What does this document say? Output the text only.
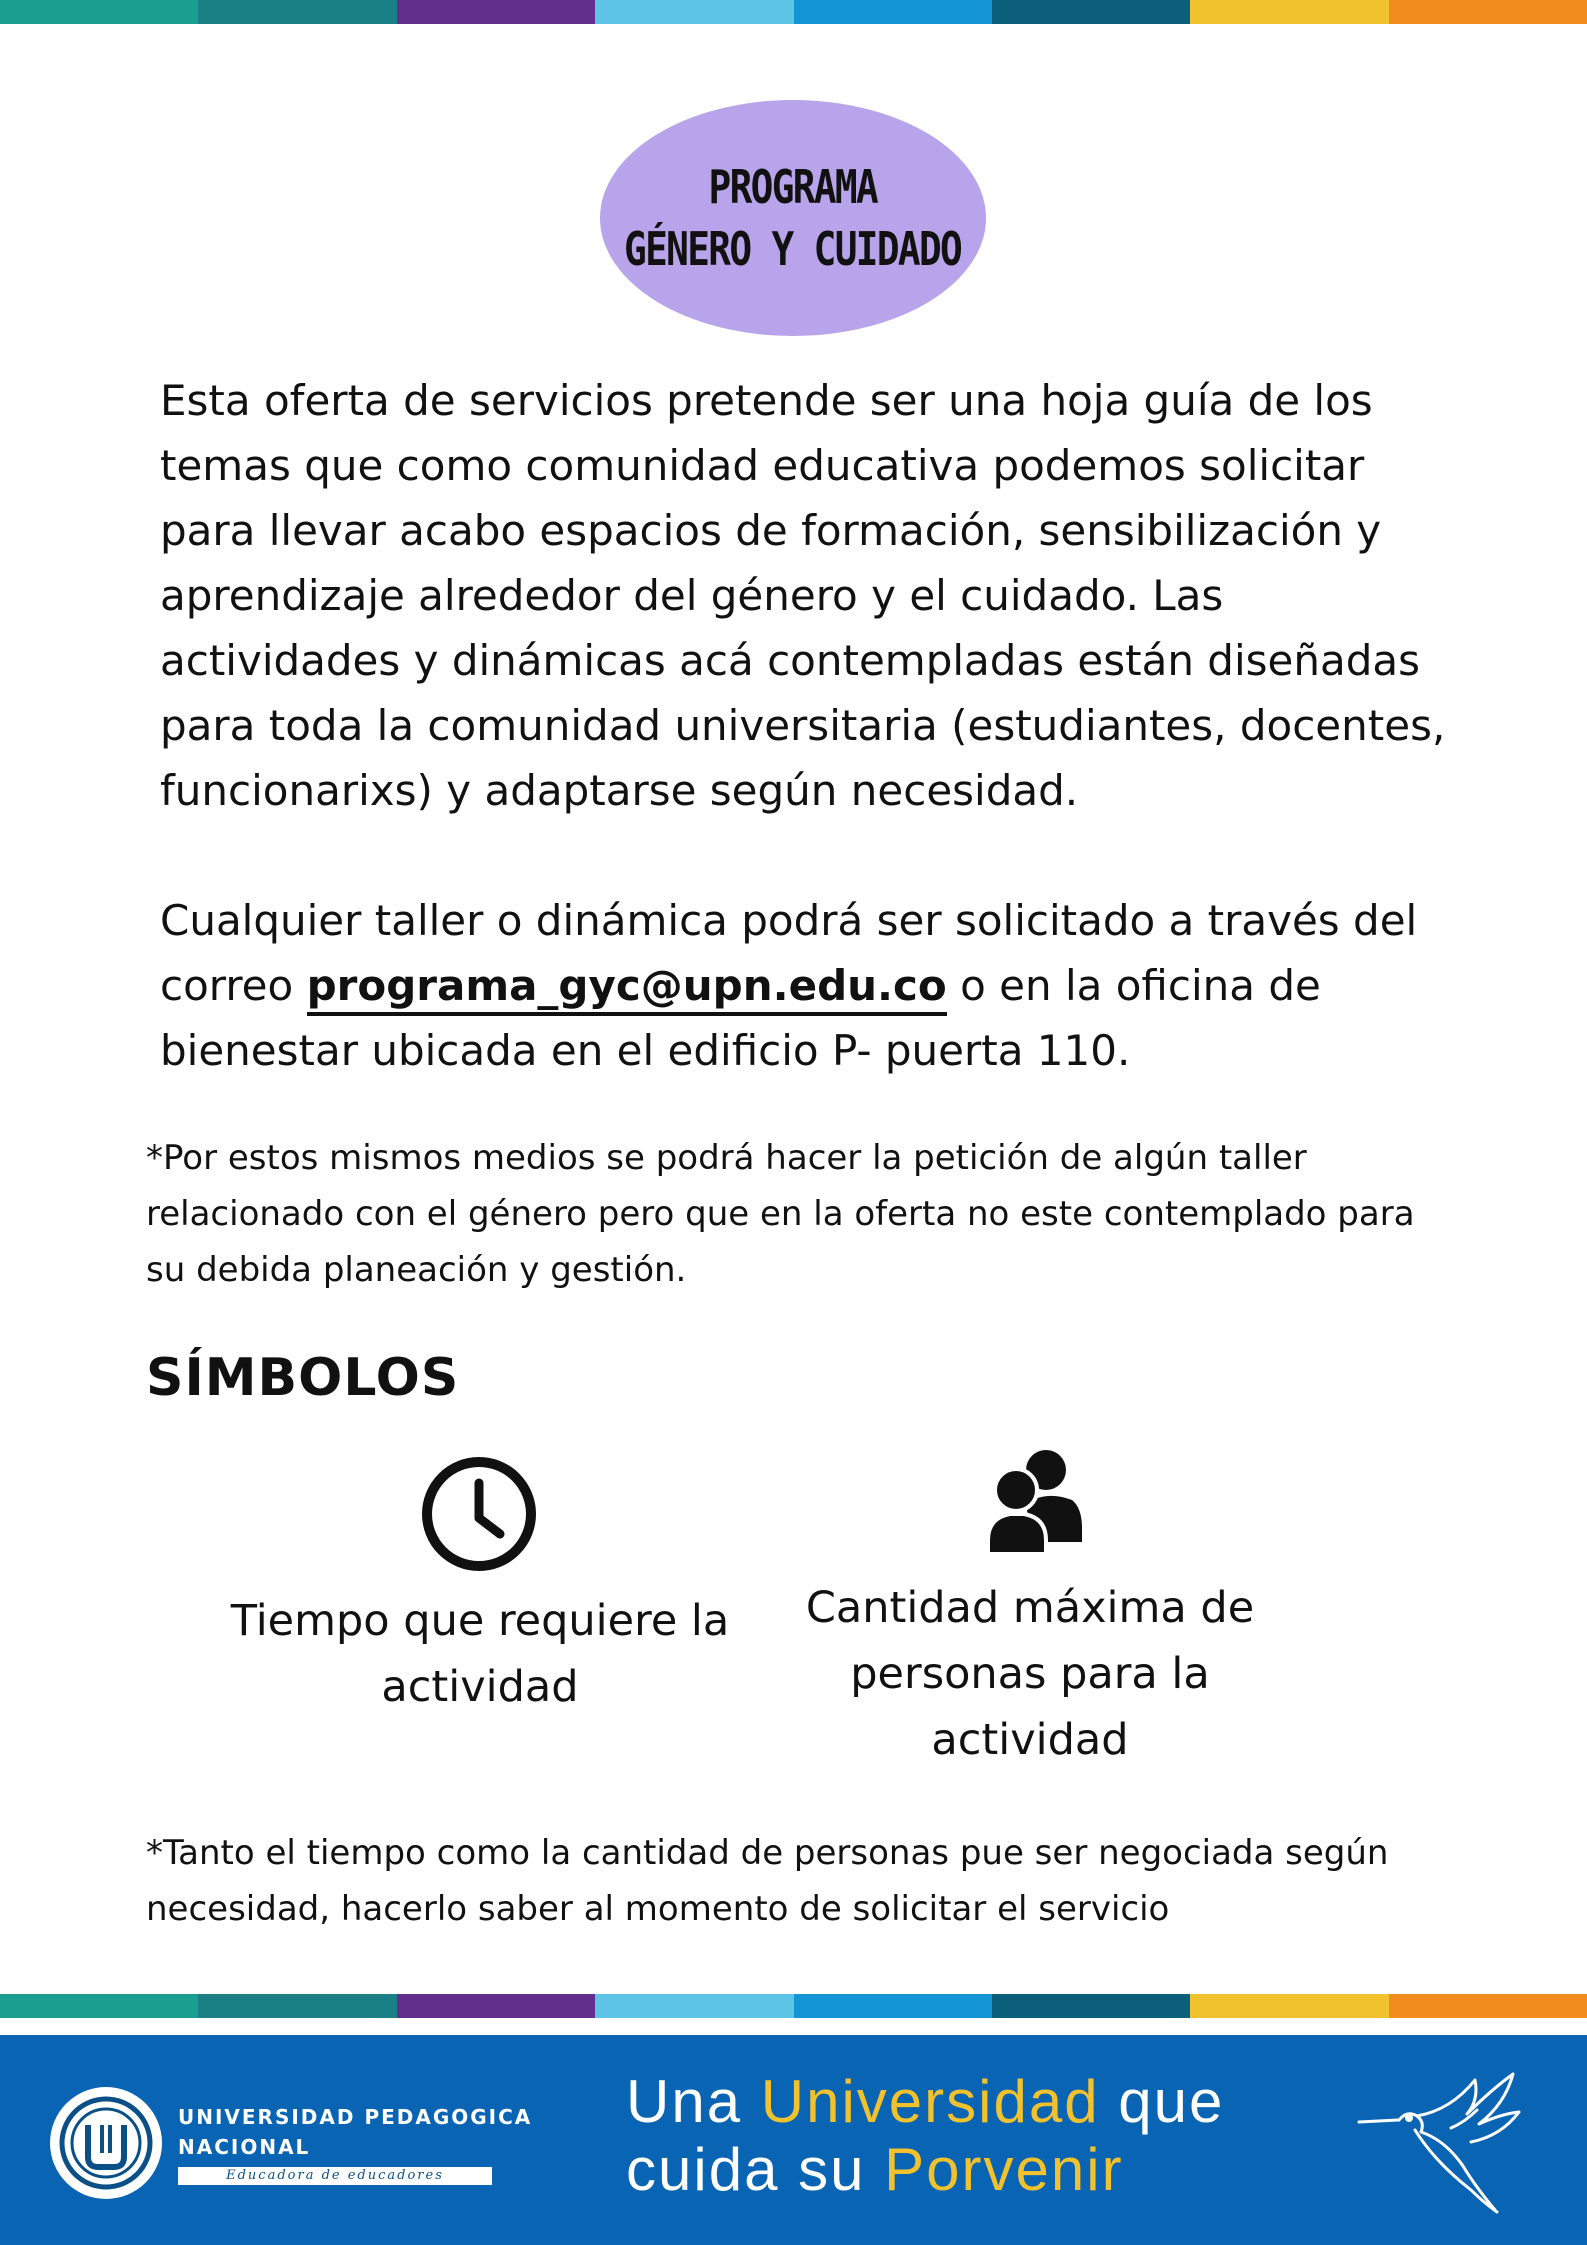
PROGRAMA
GÉNERO Y CUIDADO

Esta oferta de servicios pretende ser una hoja guía de los temas que como comunidad educativa podemos solicitar para llevar acabo espacios de formación, sensibilización y aprendizaje alrededor del género y el cuidado. Las actividades y dinámicas acá contempladas están diseñadas para toda la comunidad universitaria (estudiantes, docentes, funcionarixs) y adaptarse según necesidad.

Cualquier taller o dinámica podrá ser solicitado a través del correo programa_gyc@upn.edu.co o en la oficina de bienestar ubicada en el edificio P- puerta 110.

*Por estos mismos medios se podrá hacer la petición de algún taller relacionado con el género pero que en la oferta no este contemplado para su debida planeación y gestión.

SÍMBOLOS

Tiempo que requiere la actividad

Cantidad máxima de personas para la actividad

*Tanto el tiempo como la cantidad de personas pue ser negociada según necesidad, hacerlo saber al momento de solicitar el servicio

UNIVERSIDAD PEDAGOGICA
NACIONAL
Educadora de educadores
Una Universidad que
cuida su Porvenir
